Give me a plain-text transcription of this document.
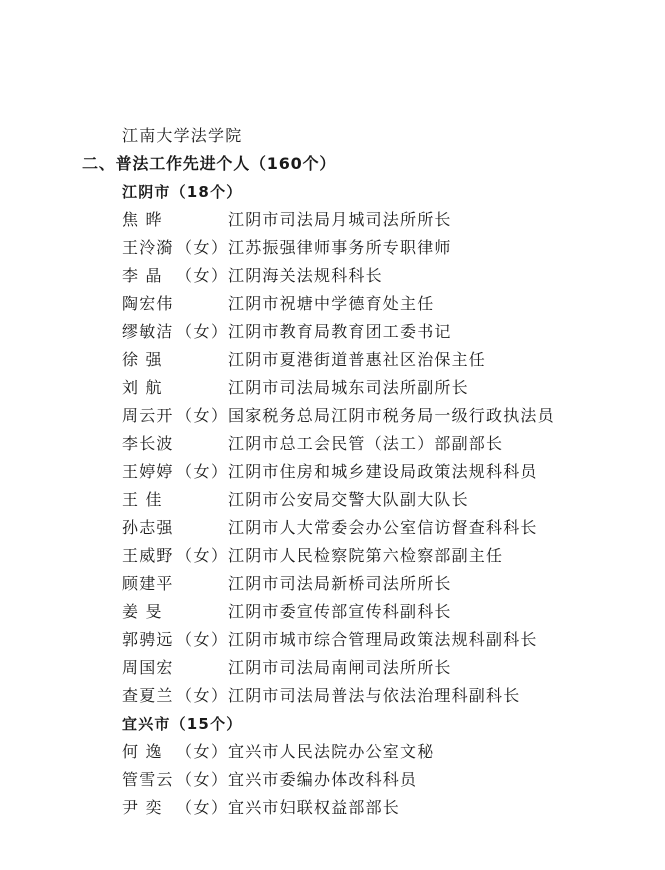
江南大学法学院
二、普法工作先进个人（160个）
江阴市（18个）
宜兴市（15个）
焦 晔	江阴市司法局月城司法所所长
王泠漪 （女） 江苏振强律师事务所专职律师
李 晶 （女） 江阴海关法规科科长
陶宏伟	江阴市祝塘中学德育处主任
缪敏洁 （女） 江阴市教育局教育团工委书记
徐 强	江阴市夏港街道普惠社区治保主任
刘 航	江阴市司法局城东司法所副所长
周云开 （女） 国家税务总局江阴市税务局一级行政执法员
李长波	江阴市总工会民管（法工）部副部长
王婷婷 （女） 江阴市住房和城乡建设局政策法规科科员
王 佳	江阴市公安局交警大队副大队长
孙志强	江阴市人大常委会办公室信访督查科科长
王威野 （女） 江阴市人民检察院第六检察部副主任
顾建平	江阴市司法局新桥司法所所长
姜 旻	江阴市委宣传部宣传科副科长
郭骋远 （女） 江阴市城市综合管理局政策法规科副科长
周国宏	江阴市司法局南闸司法所所长
查夏兰 （女） 江阴市司法局普法与依法治理科副科长
何 逸 （女） 宜兴市人民法院办公室文秘
管雪云 （女） 宜兴市委编办体改科科员
尹 奕 （女） 宜兴市妇联权益部部长
